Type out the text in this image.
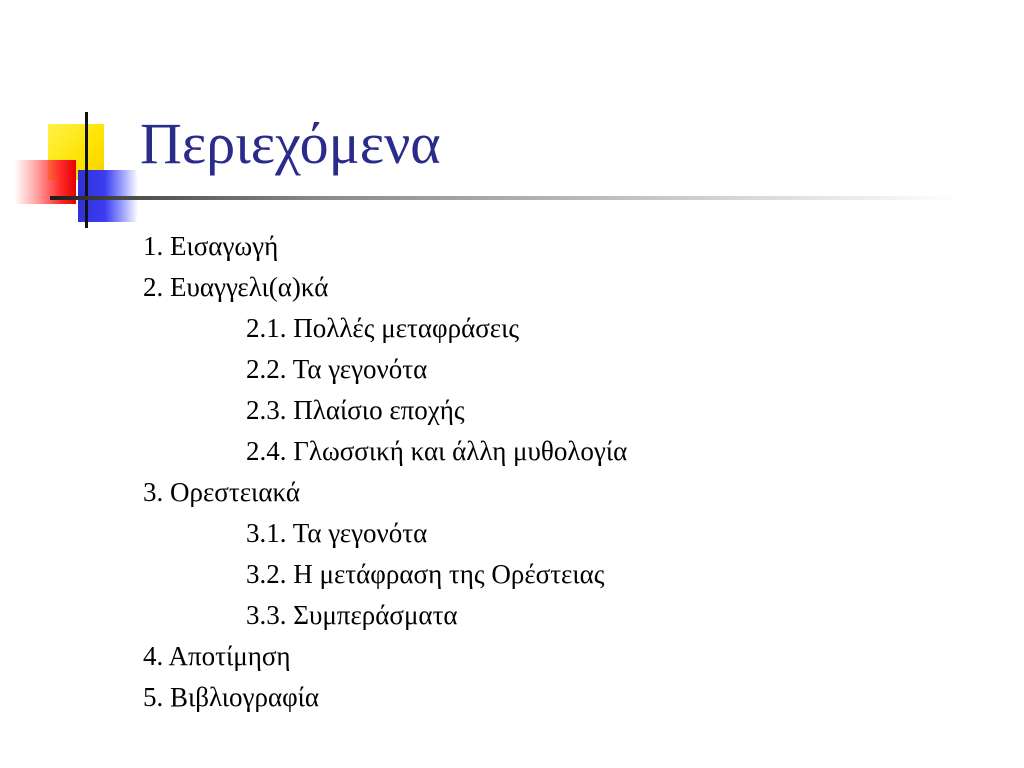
Περιεχόμενα
1. Εισαγωγή
2. Ευαγγελι(α)κά
2.1. Πολλές μεταφράσεις
2.2. Τα γεγονότα
2.3. Πλαίσιο εποχής
2.4. Γλωσσική και άλλη μυθολογία
3. Ορεστειακά
3.1. Τα γεγονότα
3.2. Η μετάφραση της Ορέστειας
3.3. Συμπεράσματα
4. Αποτίμηση
5. Βιβλιογραφία
